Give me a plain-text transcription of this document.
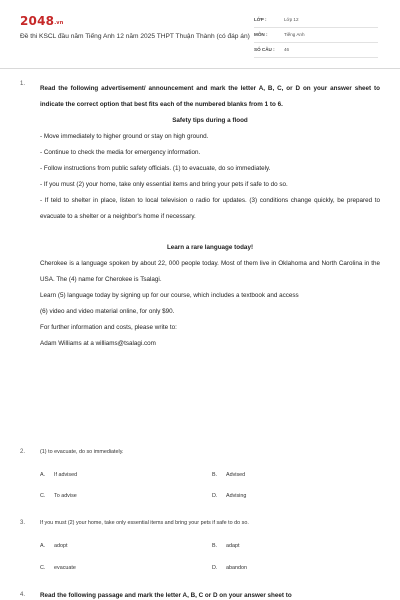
2048.vn
Đề thi KSCL đầu năm Tiếng Anh 12 năm 2025 THPT Thuận Thành (có đáp án)
LỚP :	Lớp 12
MÔN :	Tiếng Anh
SỐ CÂU : 46
1.
Read the following advertisement/ announcement and mark the letter A, B, C, or D on your answer sheet to indicate the correct option that best fits each of the numbered blanks from 1 to 6.
Safety tips during a flood
- Move immediately to higher ground or stay on high ground.
- Continue to check the media for emergency information.
- Follow instructions from public safety officials. (1) to evacuate, do so immediately.
- If you must (2) your home, take only essential items and bring your pets if safe to do so.
- If teld to shelter in place, listen to local television o radio for updates. (3) conditions change quickly, be prepared to evacuate to a shelter or a neighbor's home if necessary.
Learn a rare language today!
Cherokee is a language spoken by about 22, 000 people today. Most of them live in Oklahoma and North Carolina in the USA. The (4) name for Cherokee is Tsalagi.
Learn (5) language today by signing up for our course, which includes a textbook and access
(6) video and video material online, for only $90.
For further information and costs, please write to:
Adam Williams at a williams@tsalagi.com
2.	(1) to evacuate, do so immediately.
A. If advised	B. Advised
C. To advise	D. Advising
3.	If you must (2) your home, take only essential items and bring your pets if safe to do so.
A. adopt	B. adapt
C. evacuate	D. abandon
4. Read the following passage and mark the letter A, B, C or D on your answer sheet to
